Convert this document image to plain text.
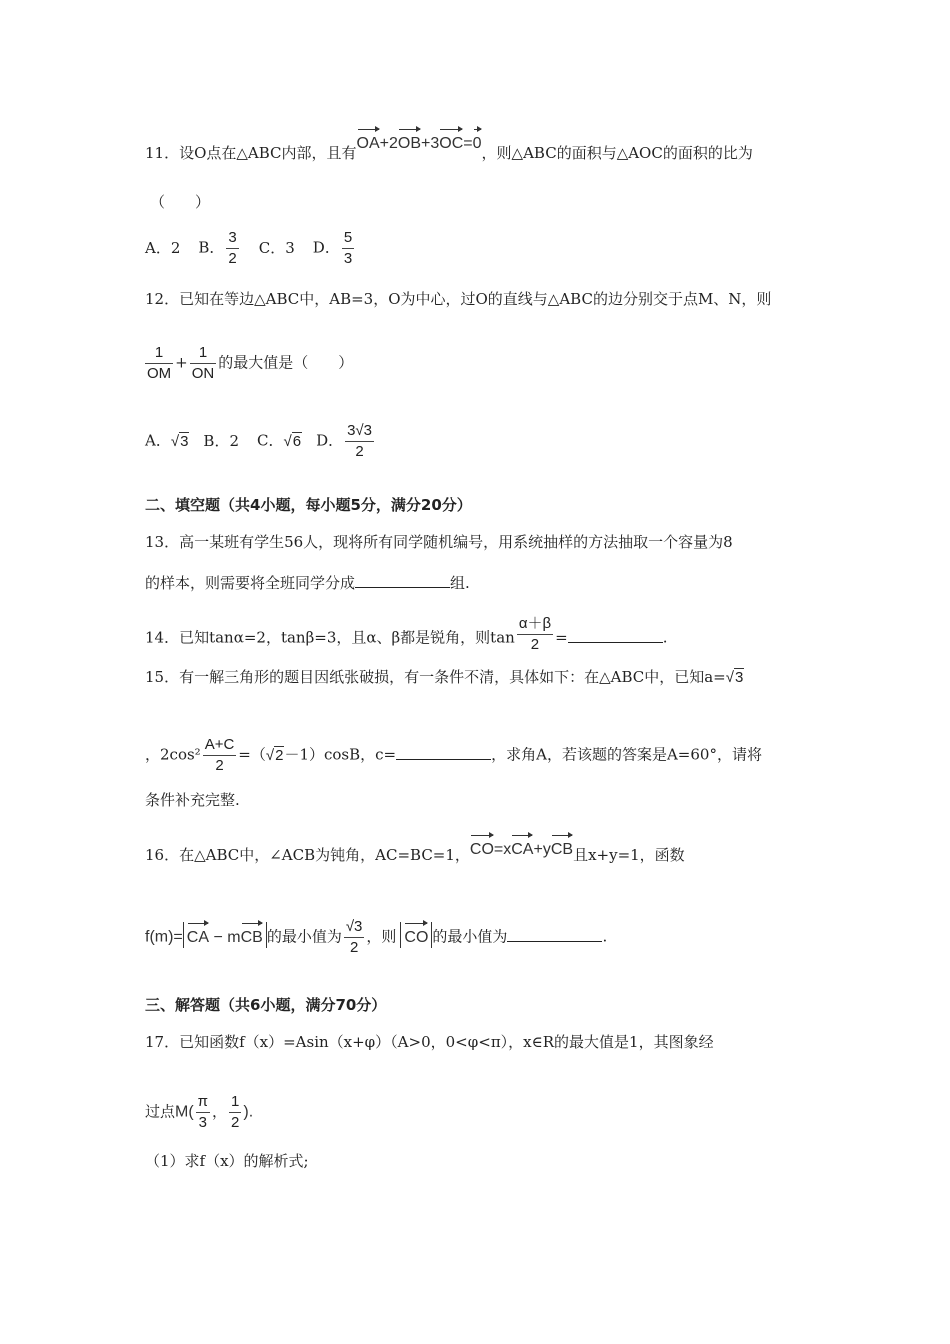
11．设O点在△ABC内部，且有OA+2OB+3OC=0，则△ABC的面积与△AOC的面积的比为
（　　）
A．2 B． $\frac{3}{2}$ C．3 D． $\frac{5}{3}$
12．已知在等边△ABC中，AB=3，O为中心，过O的直线与△ABC的边分别交于点M、N，则
$\frac{1}{OM} + \frac{1}{ON}$ 的最大值是（　　）
A．√3 B．2 C．√6 D． $\frac{3√3}{2}$
二、填空题（共4小题，每小题5分，满分20分）
13．高一某班有学生56人，现将所有同学随机编号，用系统抽样的方法抽取一个容量为8
的样本，则需要将全班同学分成	组.
14．已知tanα=2，tanβ=3，且α、β都是锐角，则$\tan \frac{\alpha+\beta}{2}$ =	.
15．有一解三角形的题目因纸张破损，有一条件不清，具体如下：在△ABC中，已知a=√3
，$2\cos^2 \frac{A+C}{2} =(√2-1)\cos B$，c=	，求角A，若该题的答案是A=60°，请将
条件补充完整.
16．在△ABC中，∠ACB为钝角，AC=BC=1，CO=xCA+yCB且x+y=1，函数
f(m)= CA − mCB 的最小值为 $\frac{√3}{2}$ ，则 CO 的最小值为	.
三、解答题（共6小题，满分70分）
17．已知函数f（x）=Asin（x+φ）（A>0，0<φ<π），x∈R的最大值是1，其图象经
过点$M( \frac{\pi}{3}$ ， $\frac{1}{2}$ ).
（1）求f（x）的解析式;
